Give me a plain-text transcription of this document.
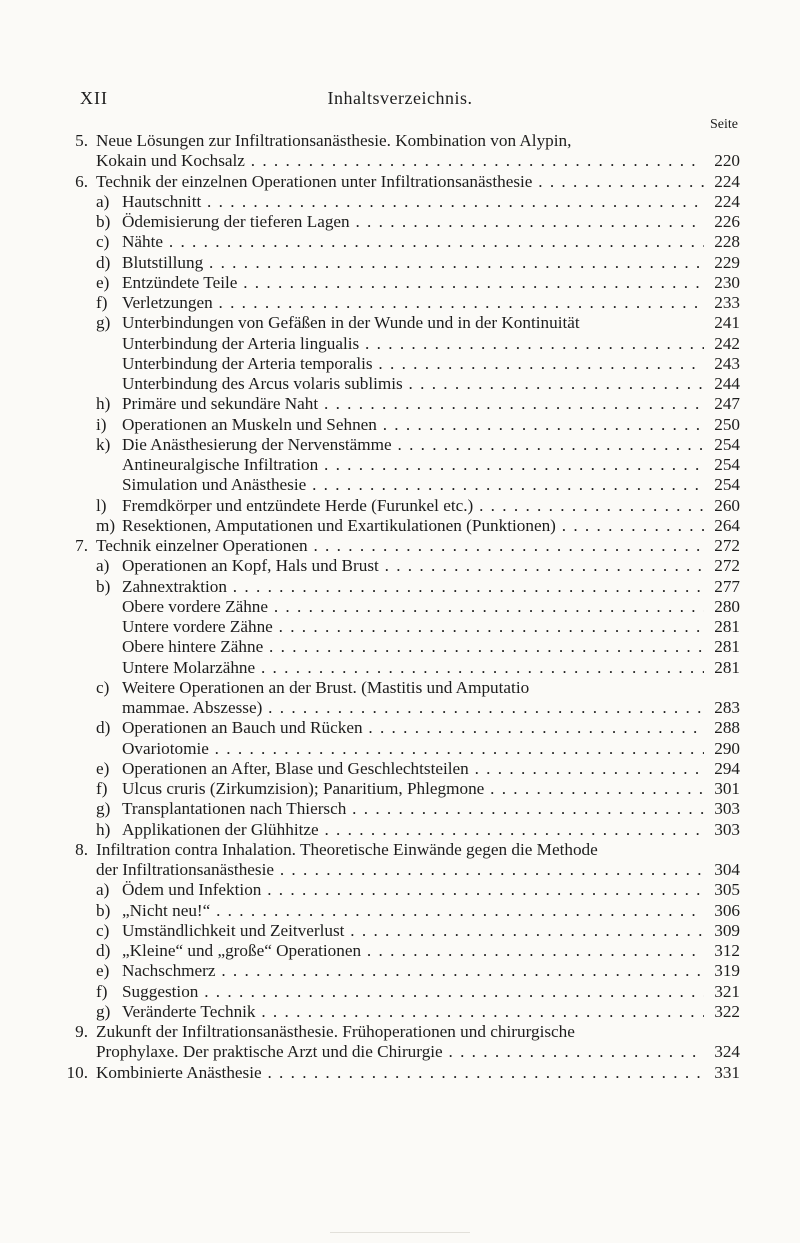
XII	Inhaltsverzeichnis.
Seite
5. Neue Lösungen zur Infiltrationsanästhesie. Kombination von Alypin,
Kokain und Kochsalz . . .	220
6. Technik der einzelnen Operationen unter Infiltrationsanästhesie . . .	224
a) Hautschnitt . . .	224
b) Ödemisierung der tieferen Lagen . . .	226
c) Nähte . . .	228
d) Blutstillung . . .	229
e) Entzündete Teile . . .	230
f) Verletzungen . . .	233
g) Unterbindungen von Gefäßen in der Wunde und in der Kontinuität	241
Unterbindung der Arteria lingualis . . .	242
Unterbindung der Arteria temporalis . . .	243
Unterbindung des Arcus volaris sublimis . . .	244
h) Primäre und sekundäre Naht . . .	247
i) Operationen an Muskeln und Sehnen . . .	250
k) Die Anästhesierung der Nervenstämme . . .	254
Antineuralgische Infiltration . . .	254
Simulation und Anästhesie . . .	254
l) Fremdkörper und entzündete Herde (Furunkel etc.) . . .	260
m) Resektionen, Amputationen und Exartikulationen (Punktionen) . . .	264
7. Technik einzelner Operationen . . .	272
a) Operationen an Kopf, Hals und Brust . . .	272
b) Zahnextraktion . . .	277
Obere vordere Zähne . . .	280
Untere vordere Zähne . . .	281
Obere hintere Zähne . . .	281
Untere Molarzähne . . .	281
c) Weitere Operationen an der Brust. (Mastitis und Amputatio
mammae. Abszesse) . . .	283
d) Operationen an Bauch und Rücken . . .	288
Ovariotomie . . .	290
e) Operationen an After, Blase und Geschlechtsteilen . . .	294
f) Ulcus cruris (Zirkumzision); Panaritium, Phlegmone . . .	301
g) Transplantationen nach Thiersch . . .	303
h) Applikationen der Glühhitze . . .	303
8. Infiltration contra Inhalation. Theoretische Einwände gegen die Methode
der Infiltrationsanästhesie . . .	304
a) Ödem und Infektion . . .	305
b) „Nicht neu!“ . . .	306
c) Umständlichkeit und Zeitverlust . . .	309
d) „Kleine“ und „große“ Operationen . . .	312
e) Nachschmerz . . .	319
f) Suggestion . . .	321
g) Veränderte Technik . . .	322
9. Zukunft der Infiltrationsanästhesie. Frühoperationen und chirurgische
Prophylaxe. Der praktische Arzt und die Chirurgie . . .	324
10. Kombinierte Anästhesie . . .	331
